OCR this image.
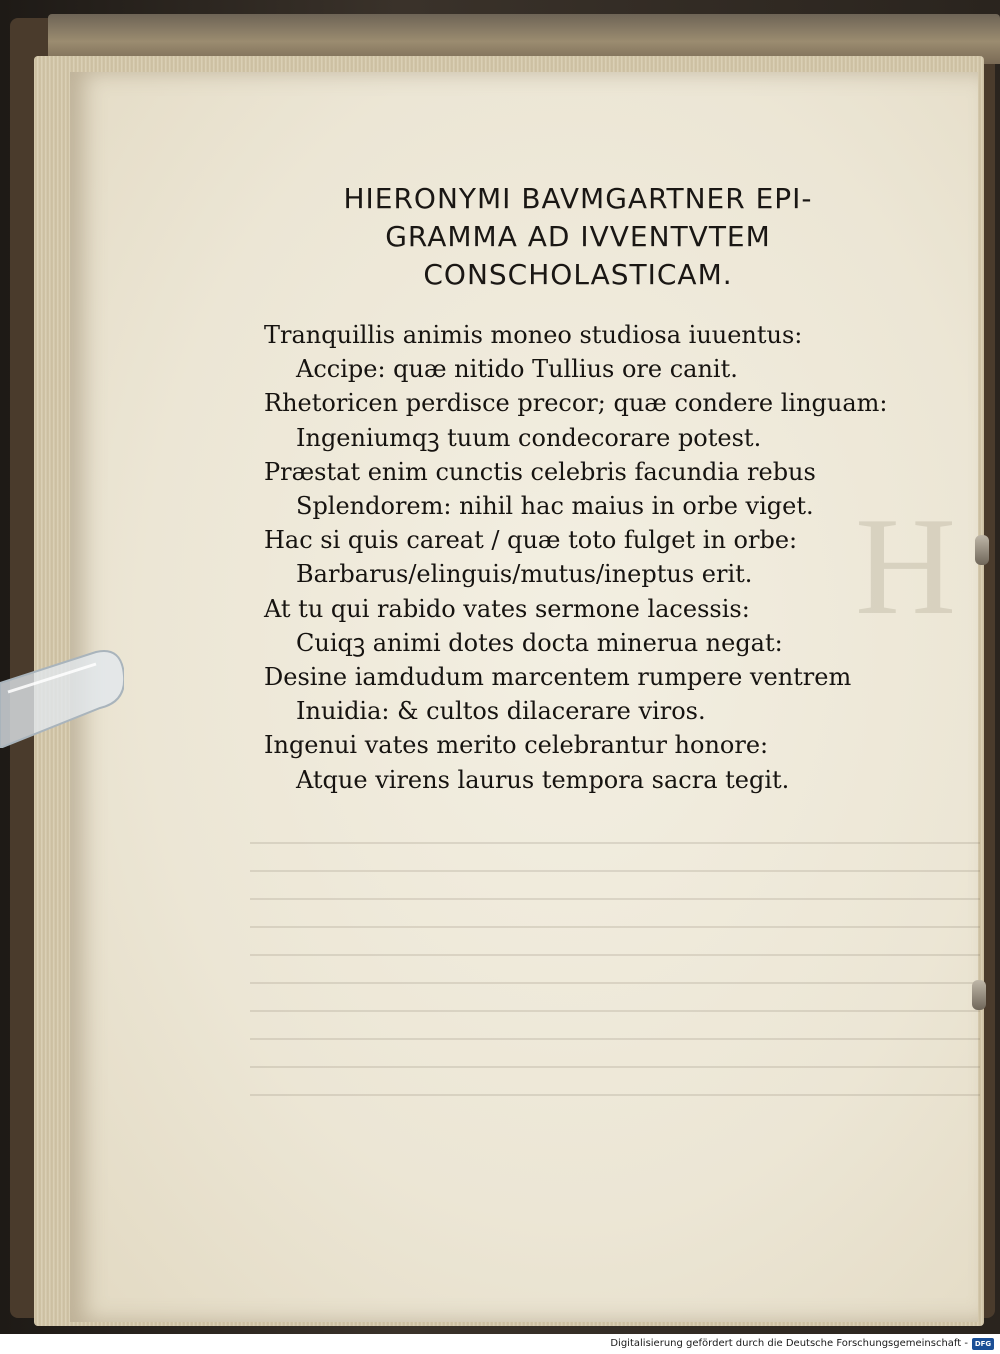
H
HIERONYMI BAVMGARTNER EPI-
GRAMMA AD IVVENTVTEM
CONSCHOLASTICAM.
Tranquillis animis moneo studiosa iuuentus:
Accipe: quæ nitido Tullius ore canit.
Rhetoricen perdisce precor; quæ condere linguam:
Ingeniumqꝫ tuum condecorare potest.
Præstat enim cunctis celebris facundia rebus
Splendorem: nihil hac maius in orbe viget.
Hac si quis careat / quæ toto fulget in orbe:
Barbarus/elinguis/mutus/ineptus erit.
At tu qui rabido vates sermone lacessis:
Cuiqꝫ animi dotes docta minerua negat:
Desine iamdudum marcentem rumpere ventrem
Inuidia: & cultos dilacerare viros.
Ingenui vates merito celebrantur honore:
Atque virens laurus tempora sacra tegit.
Digitalisierung gefördert durch die Deutsche Forschungsgemeinschaft - DFG
